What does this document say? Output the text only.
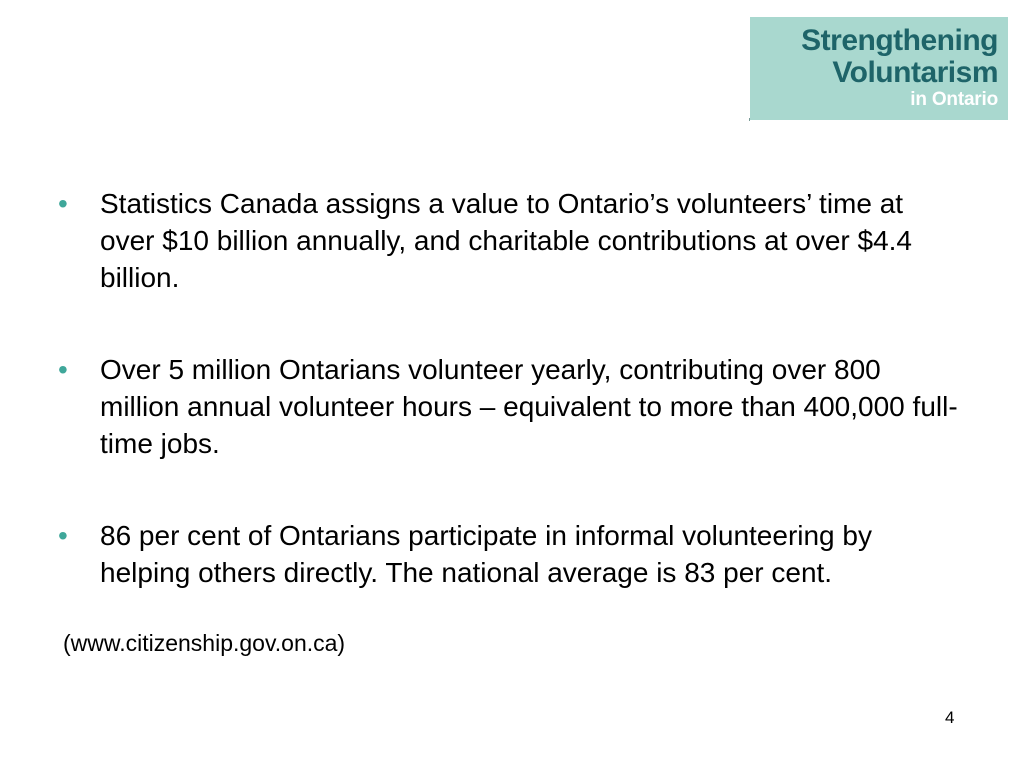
Strengthening
Voluntarism
in Ontario
• Statistics Canada assigns a value to Ontario’s volunteers’ time at over $10 billion annually, and charitable contributions at over $4.4 billion.
• Over 5 million Ontarians volunteer yearly, contributing over 800 million annual volunteer hours – equivalent to more than 400,000 full-time jobs.
• 86 per cent of Ontarians participate in informal volunteering by helping others directly. The national average is 83 per cent.
(www.citizenship.gov.on.ca)
4
